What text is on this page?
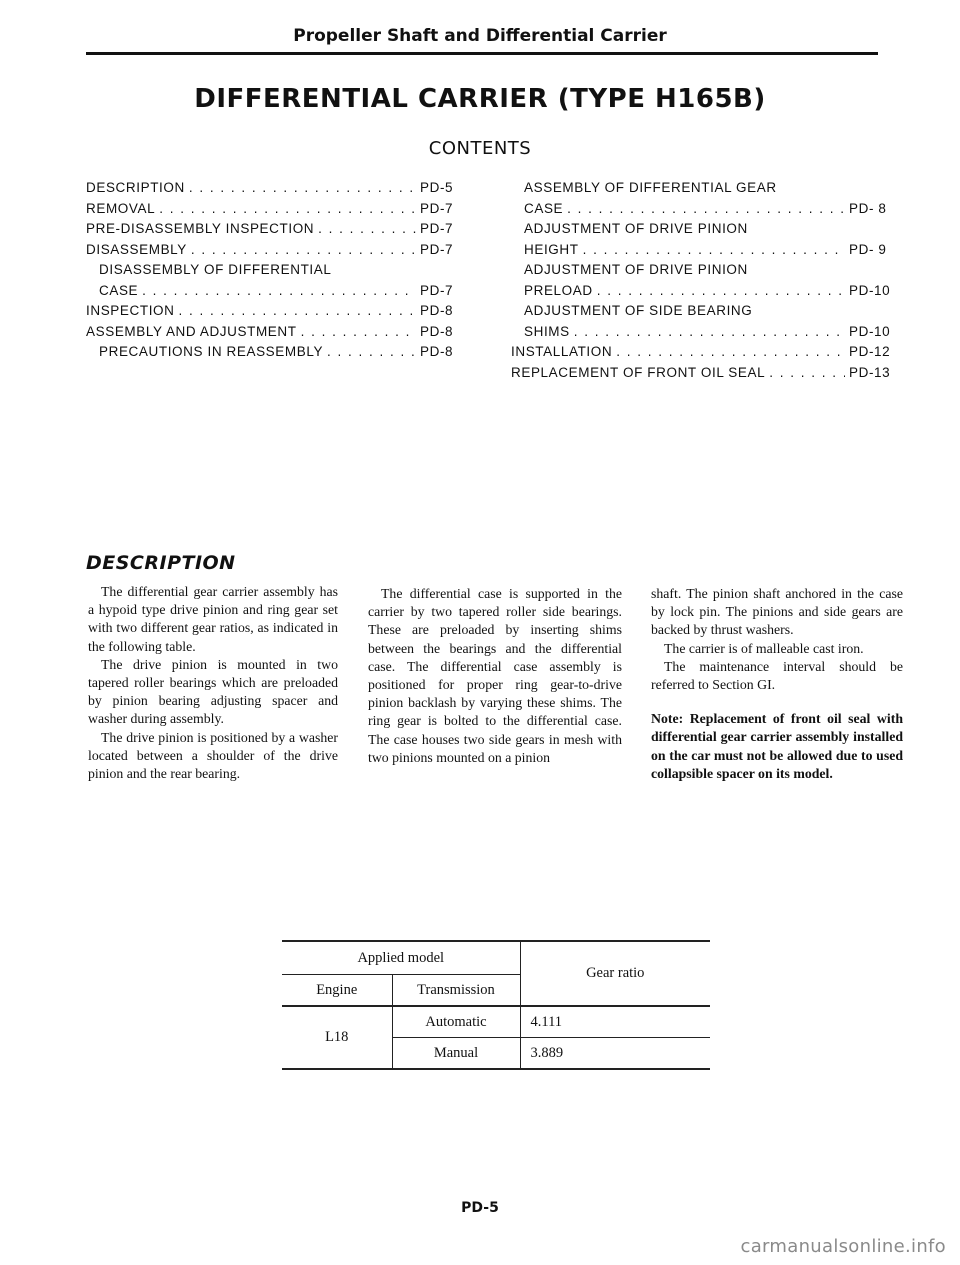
Propeller Shaft and Differential Carrier
DIFFERENTIAL CARRIER (TYPE H165B)
CONTENTS
DESCRIPTION . . .	PD-5
REMOVAL . . .	PD-7
PRE-DISASSEMBLY INSPECTION . . .	PD-7
DISASSEMBLY . . .	PD-7
DISASSEMBLY OF DIFFERENTIAL
CASE . . .	PD-7
INSPECTION . . .	PD-8
ASSEMBLY AND ADJUSTMENT . . .	PD-8
PRECAUTIONS IN REASSEMBLY . . .	PD-8
ASSEMBLY OF DIFFERENTIAL GEAR
CASE . . .	PD- 8
ADJUSTMENT OF DRIVE PINION
HEIGHT . . .	PD- 9
ADJUSTMENT OF DRIVE PINION
PRELOAD . . .	PD-10
ADJUSTMENT OF SIDE BEARING
SHIMS . . .	PD-10
INSTALLATION . . .	PD-12
REPLACEMENT OF FRONT OIL SEAL . . .	PD-13
DESCRIPTION

The differential gear carrier assembly has a hypoid type drive pinion and ring gear set with two different gear ratios, as indicated in the following table.

The drive pinion is mounted in two tapered roller bearings which are preloaded by pinion bearing adjusting spacer and washer during assembly.

The drive pinion is positioned by a washer located between a shoulder of the drive pinion and the rear bearing.

The differential case is supported in the carrier by two tapered roller side bearings. These are preloaded by inserting shims between the bearings and the differential case. The differential case assembly is positioned for proper ring gear-to-drive pinion backlash by varying these shims. The ring gear is bolted to the differential case. The case houses two side gears in mesh with two pinions mounted on a pinion

shaft. The pinion shaft anchored in the case by lock pin. The pinions and side gears are backed by thrust washers.

The carrier is of malleable cast iron.

The maintenance interval should be referred to Section GI.

Note: Replacement of front oil seal with differential gear carrier assembly installed on the car must not be allowed due to used collapsible spacer on its model.

Applied model		Gear ratio
Engine	Transmission	
L18	Automatic	4.111
	Manual	3.889
PD-5
carmanualsonline.info
